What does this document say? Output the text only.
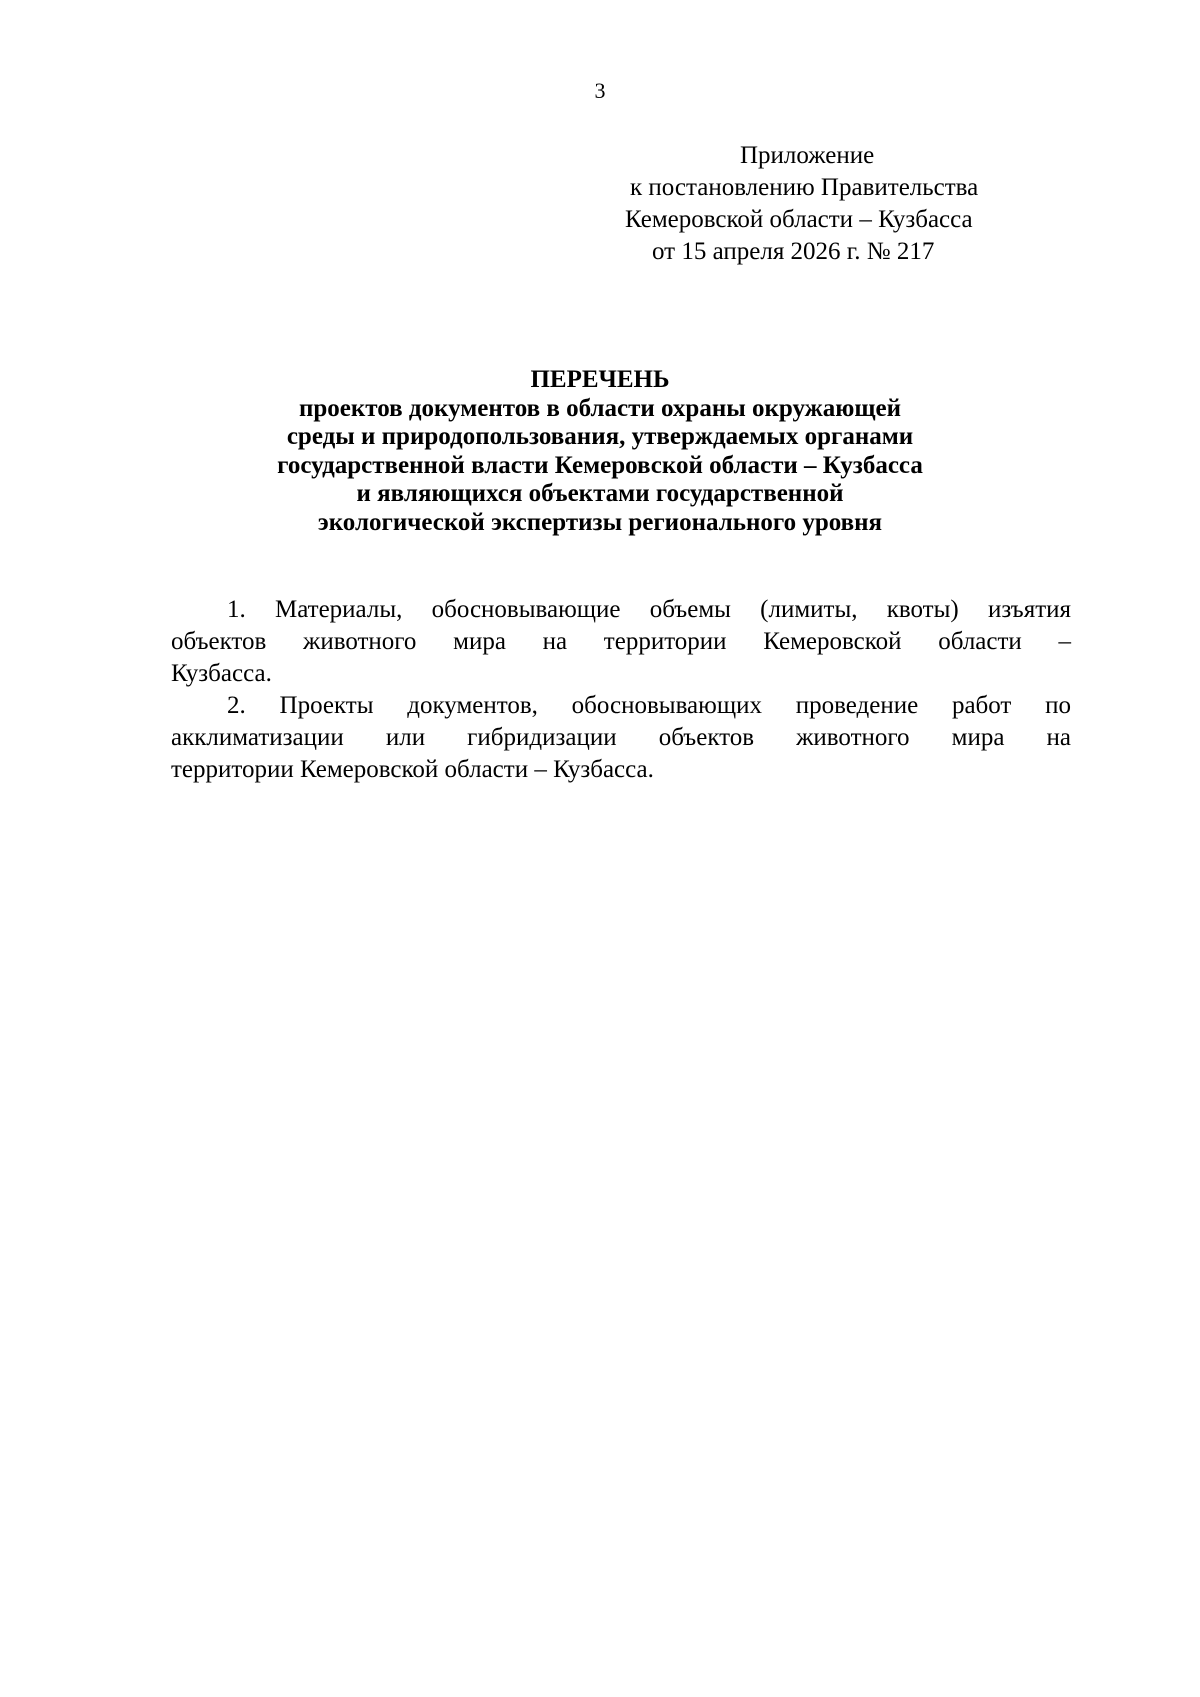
3
Приложение
к постановлению Правительства
Кемеровской области – Кузбасса
от 15 апреля 2026 г. № 217
ПЕРЕЧЕНЬ
проектов документов в области охраны окружающей
среды и природопользования, утверждаемых органами
государственной власти Кемеровской области – Кузбасса
и являющихся объектами государственной
экологической экспертизы регионального уровня
1. Материалы, обосновывающие объемы (лимиты, квоты) изъятия
объектов животного мира на территории Кемеровской области –
Кузбасса.
2. Проекты документов, обосновывающих проведение работ по
акклиматизации или гибридизации объектов животного мира на
территории Кемеровской области – Кузбасса.
